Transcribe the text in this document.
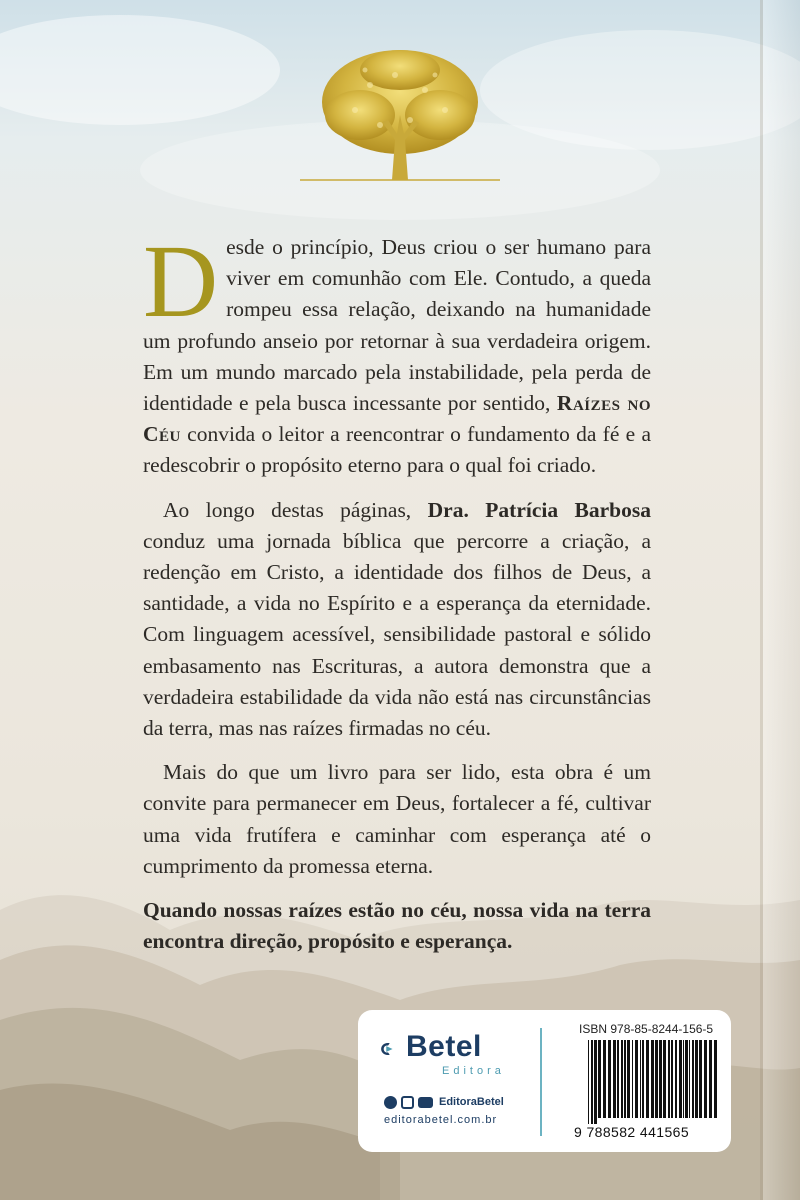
Desde o princípio, Deus criou o ser humano para viver em comunhão com Ele. Contudo, a queda rompeu essa relação, deixando na humanidade um profundo anseio por retornar à sua verdadeira origem. Em um mundo marcado pela instabilidade, pela perda de identidade e pela busca incessante por sentido, Raízes no Céu convida o leitor a reencontrar o fundamento da fé e a redescobrir o propósito eterno para o qual foi criado.

Ao longo destas páginas, Dra. Patrícia Barbosa conduz uma jornada bíblica que percorre a criação, a redenção em Cristo, a identidade dos filhos de Deus, a santidade, a vida no Espírito e a esperança da eternidade. Com linguagem acessível, sensibilidade pastoral e sólido embasamento nas Escrituras, a autora demonstra que a verdadeira estabilidade da vida não está nas circunstâncias da terra, mas nas raízes firmadas no céu.

Mais do que um livro para ser lido, esta obra é um convite para permanecer em Deus, fortalecer a fé, cultivar uma vida frutífera e caminhar com esperança até o cumprimento da promessa eterna.

Quando nossas raízes estão no céu, nossa vida na terra encontra direção, propósito e esperança.

Betel
Editora
EditoraBetel
editorabetel.com.br
ISBN 978-85-8244-156-5
9 788582 441565
